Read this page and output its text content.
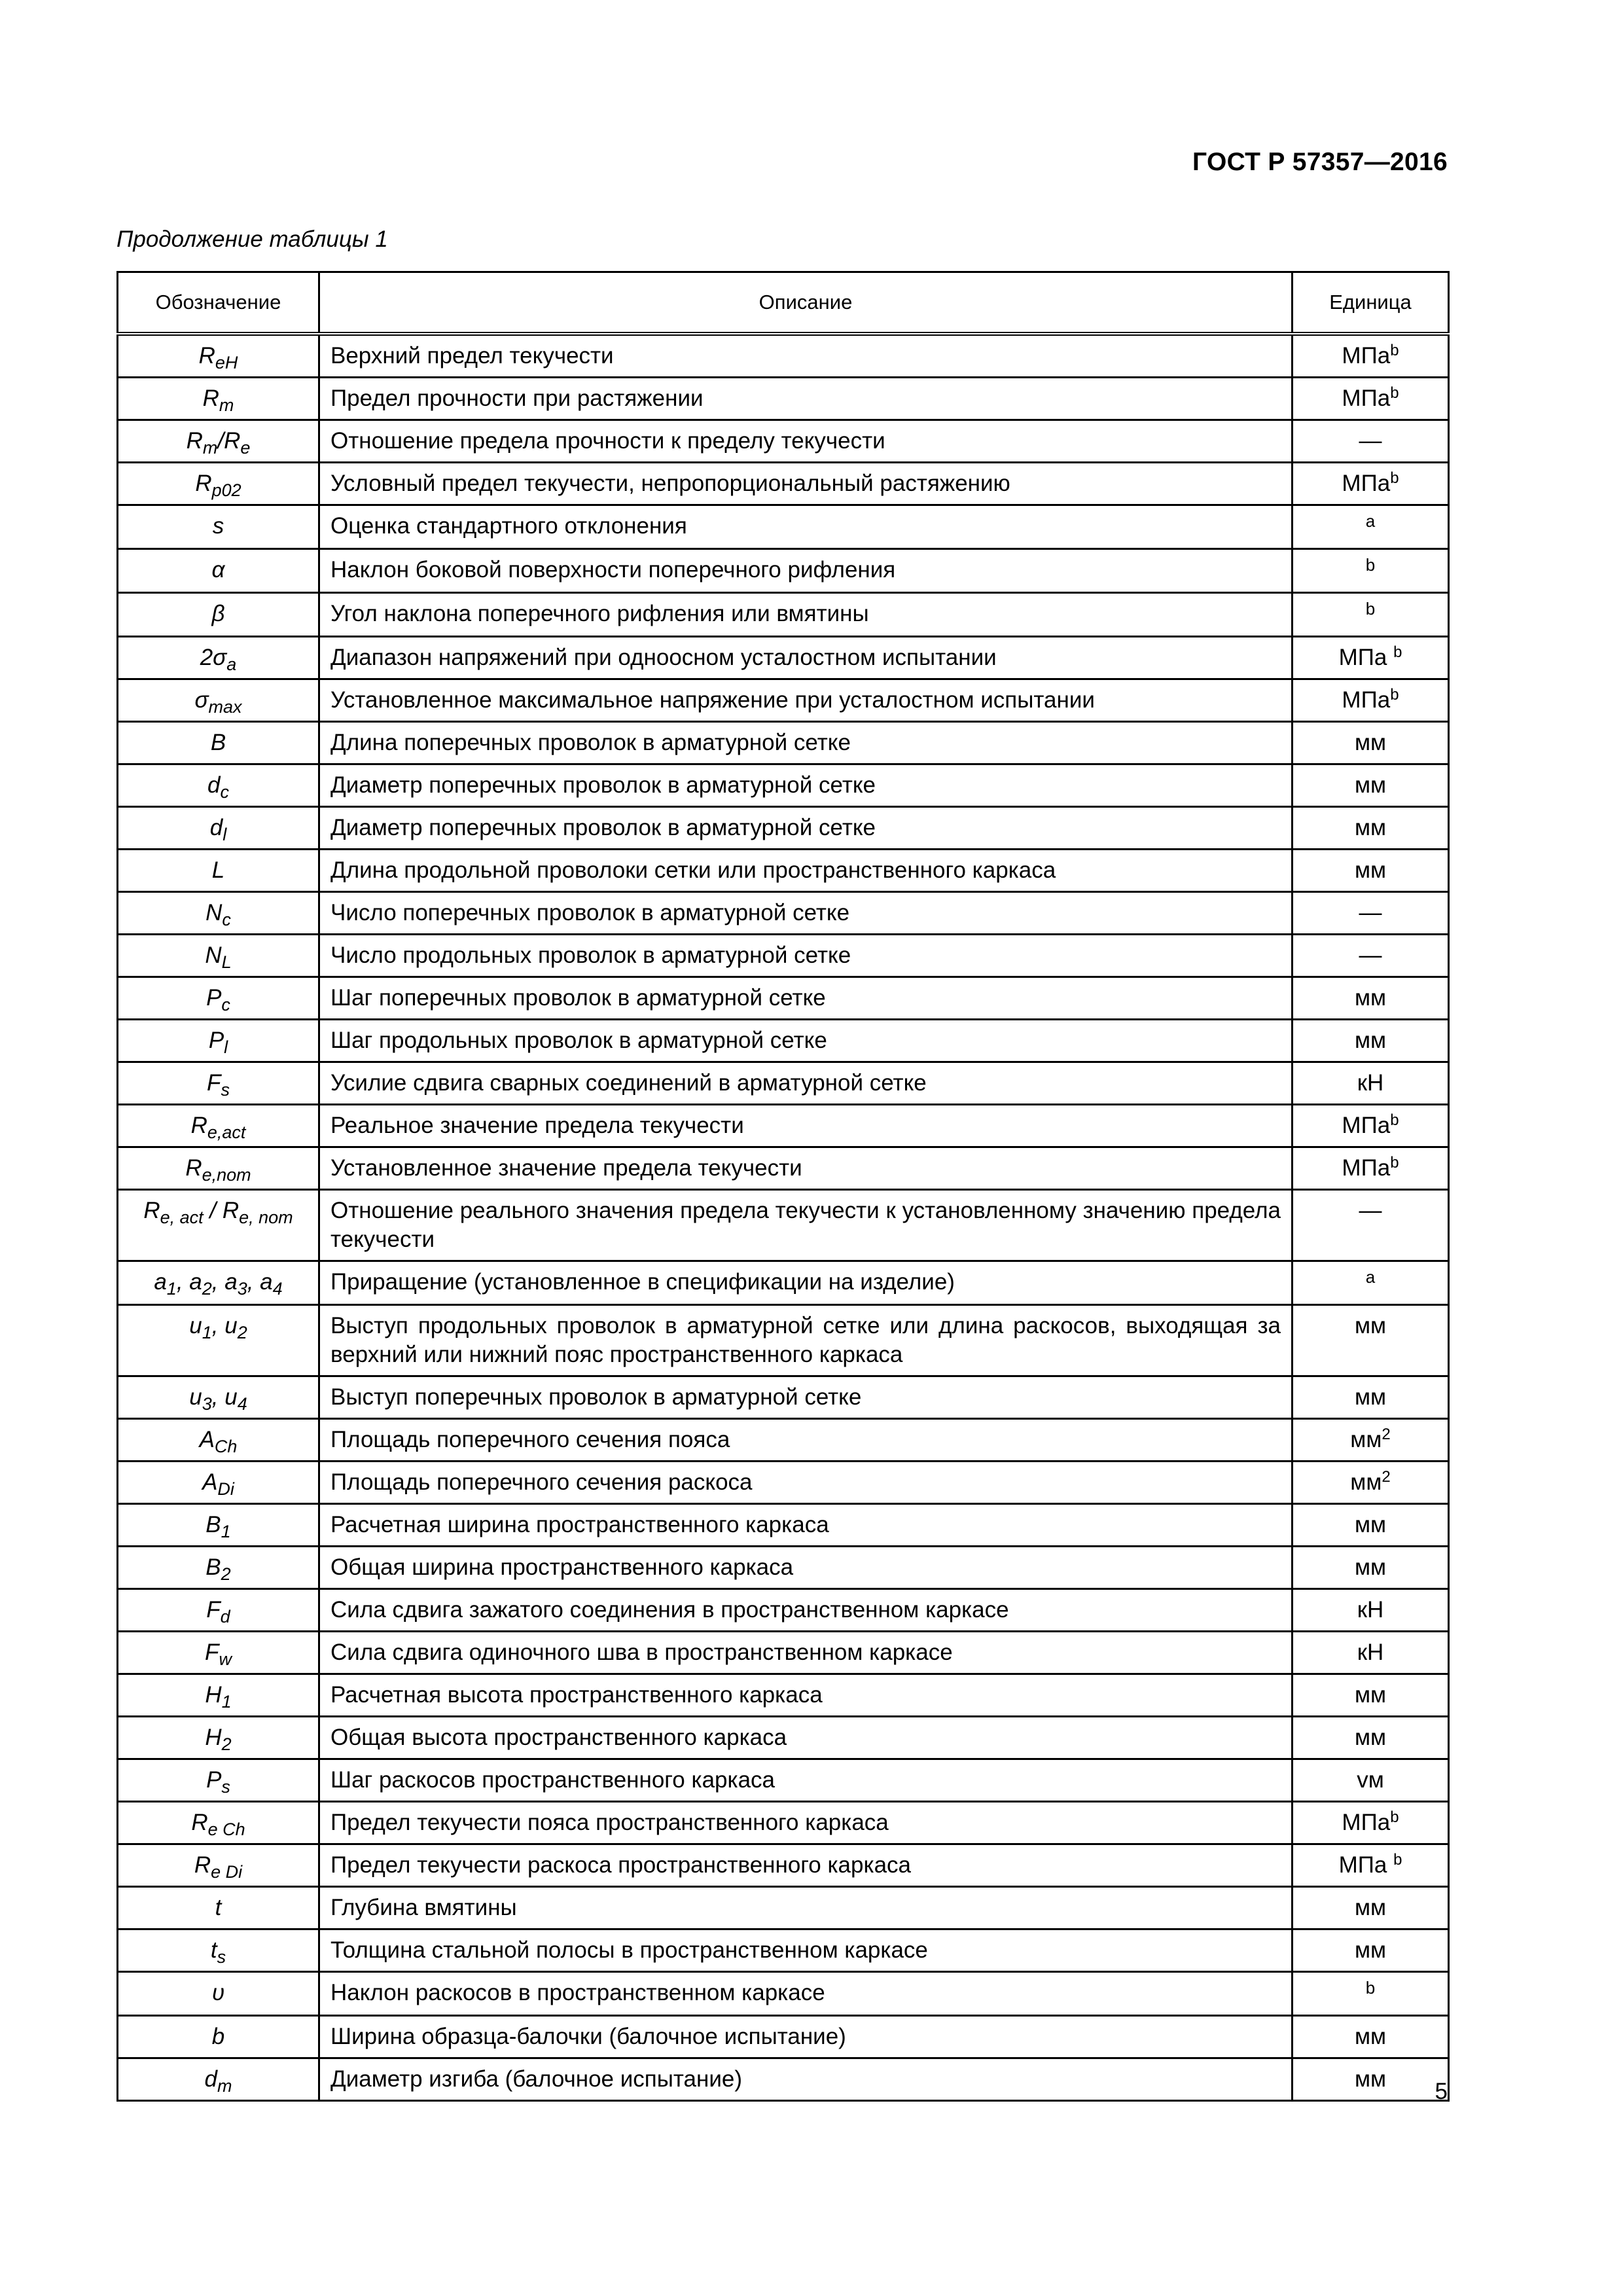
ГОСТ Р 57357—2016
Продолжение таблицы 1
Обозначение	Описание	Единица
$R_{eH}$	Верхний предел текучести	МПа$^b$
$R_m$	Предел прочности при растяжении	МПа$^b$
$R_m/R_e$	Отношение предела прочности к пределу текучести	—
$R_{p02}$	Условный предел текучести, непропорциональный растяжению	МПа$^b$
s	Оценка стандартного отклонения	$^a$
α	Наклон боковой поверхности поперечного рифления	$^b$
β	Угол наклона поперечного рифления или вмятины	$^b$
$2\sigma_a$	Диапазон напряжений при одноосном усталостном испытании	МПа $^b$
$\sigma_{max}$	Установленное максимальное напряжение при усталостном испытании	МПа$^b$
B	Длина поперечных проволок в арматурной сетке	мм
$d_c$	Диаметр поперечных проволок в арматурной сетке	мм
$d_l$	Диаметр поперечных проволок в арматурной сетке	мм
L	Длина продольной проволоки сетки или пространственного каркаса	мм
$N_c$	Число поперечных проволок в арматурной сетке	—
$N_L$	Число продольных проволок в арматурной сетке	—
$P_c$	Шаг поперечных проволок в арматурной сетке	мм
$P_l$	Шаг продольных проволок в арматурной сетке	мм
$F_s$	Усилие сдвига сварных соединений в арматурной сетке	кН
$R_{e,act}$	Реальное значение предела текучести	МПа$^b$
$R_{e,nom}$	Установленное значение предела текучести	МПа$^b$
$R_{e, act} / R_{e, nom}$	Отношение реального значения предела текучести к установленному значению предела текучести	—
$a_1$, $a_2$, $a_3$, $a_4$	Приращение (установленное в спецификации на изделие)	$^a$
$u_1$, $u_2$	Выступ продольных проволок в арматурной сетке или длина раскосов, выходящая за верхний или нижний пояс пространственного каркаса	мм
$u_3$, $u_4$	Выступ поперечных проволок в арматурной сетке	мм
$A_{Ch}$	Площадь поперечного сечения пояса	$мм^2$
$A_{Di}$	Площадь поперечного сечения раскоса	$мм^2$
$B_1$	Расчетная ширина пространственного каркаса	мм
$B_2$	Общая ширина пространственного каркаса	мм
$F_d$	Сила сдвига зажатого соединения в пространственном каркасе	кН
$F_w$	Сила сдвига одиночного шва в пространственном каркасе	кН
$H_1$	Расчетная высота пространственного каркаса	мм
$H_2$	Общая высота пространственного каркаса	мм
$P_s$	Шаг раскосов пространственного каркаса	vм
$R_{e Ch}$	Предел текучести пояса пространственного каркаса	МПа$^b$
$R_{e Di}$	Предел текучести раскоса пространственного каркаса	МПа $^b$
t	Глубина вмятины	мм
$t_s$	Толщина стальной полосы в пространственном каркасе	мм
υ	Наклон раскосов в пространственном каркасе	$^b$
b	Ширина образца-балочки (балочное испытание)	мм
$d_m$	Диаметр изгиба (балочное испытание)	мм 5
